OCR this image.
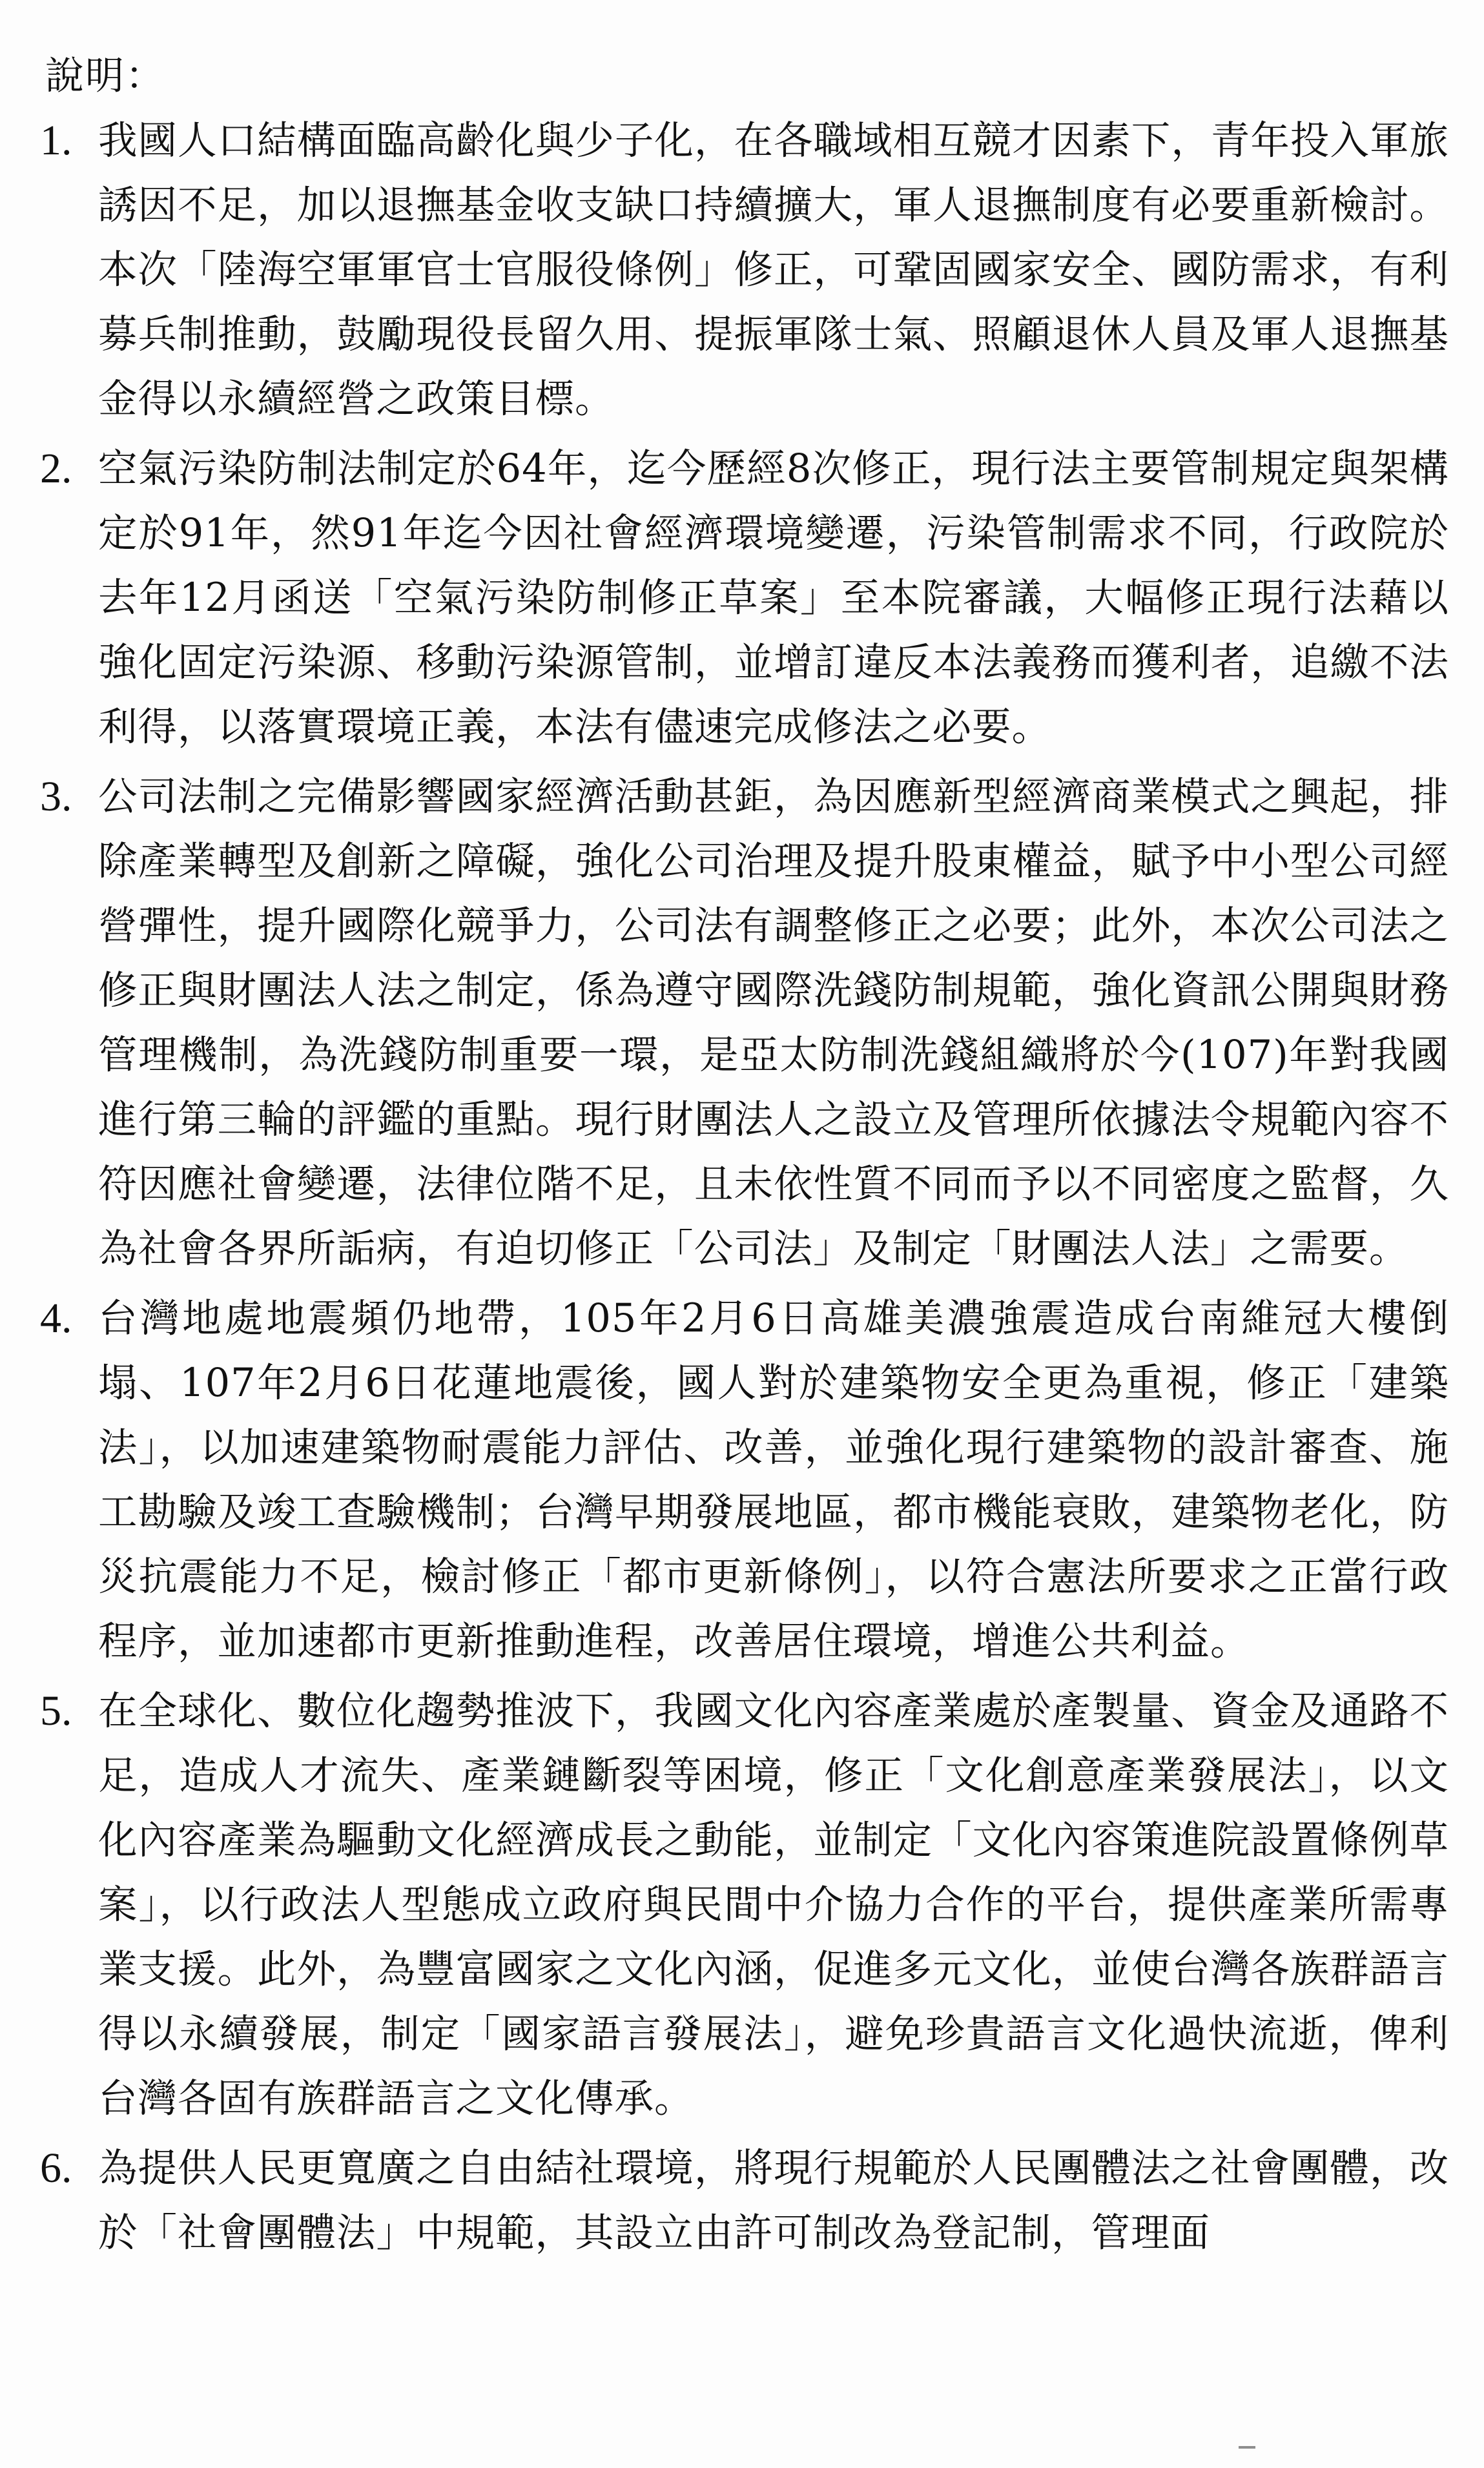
說明：
1. 我國人口結構面臨高齡化與少子化，在各職域相互競才因素下，青年投入軍旅誘因不足，加以退撫基金收支缺口持續擴大，軍人退撫制度有必要重新檢討。本次「陸海空軍軍官士官服役條例」修正，可鞏固國家安全、國防需求，有利募兵制推動，鼓勵現役長留久用、提振軍隊士氣、照顧退休人員及軍人退撫基金得以永續經營之政策目標。
2. 空氣污染防制法制定於64年，迄今歷經8次修正，現行法主要管制規定與架構定於91年，然91年迄今因社會經濟環境變遷，污染管制需求不同，行政院於去年12月函送「空氣污染防制修正草案」至本院審議，大幅修正現行法藉以強化固定污染源、移動污染源管制，並增訂違反本法義務而獲利者，追繳不法利得，以落實環境正義，本法有儘速完成修法之必要。
3. 公司法制之完備影響國家經濟活動甚鉅，為因應新型經濟商業模式之興起，排除產業轉型及創新之障礙，強化公司治理及提升股東權益，賦予中小型公司經營彈性，提升國際化競爭力，公司法有調整修正之必要；此外，本次公司法之修正與財團法人法之制定，係為遵守國際洗錢防制規範，強化資訊公開與財務管理機制，為洗錢防制重要一環，是亞太防制洗錢組織將於今(107)年對我國進行第三輪的評鑑的重點。現行財團法人之設立及管理所依據法令規範內容不符因應社會變遷，法律位階不足，且未依性質不同而予以不同密度之監督，久為社會各界所詬病，有迫切修正「公司法」及制定「財團法人法」之需要。
4. 台灣地處地震頻仍地帶，105年2月6日高雄美濃強震造成台南維冠大樓倒塌、107年2月6日花蓮地震後，國人對於建築物安全更為重視，修正「建築法」，以加速建築物耐震能力評估、改善，並強化現行建築物的設計審查、施工勘驗及竣工查驗機制；台灣早期發展地區，都市機能衰敗，建築物老化，防災抗震能力不足，檢討修正「都市更新條例」，以符合憲法所要求之正當行政程序，並加速都市更新推動進程，改善居住環境，增進公共利益。
5. 在全球化、數位化趨勢推波下，我國文化內容產業處於產製量、資金及通路不足，造成人才流失、產業鏈斷裂等困境，修正「文化創意產業發展法」，以文化內容產業為驅動文化經濟成長之動能，並制定「文化內容策進院設置條例草案」，以行政法人型態成立政府與民間中介協力合作的平台，提供產業所需專業支援。此外，為豐富國家之文化內涵，促進多元文化，並使台灣各族群語言得以永續發展，制定「國家語言發展法」，避免珍貴語言文化過快流逝，俾利台灣各固有族群語言之文化傳承。
6. 為提供人民更寬廣之自由結社環境，將現行規範於人民團體法之社會團體，改於「社會團體法」中規範，其設立由許可制改為登記制，管理面
